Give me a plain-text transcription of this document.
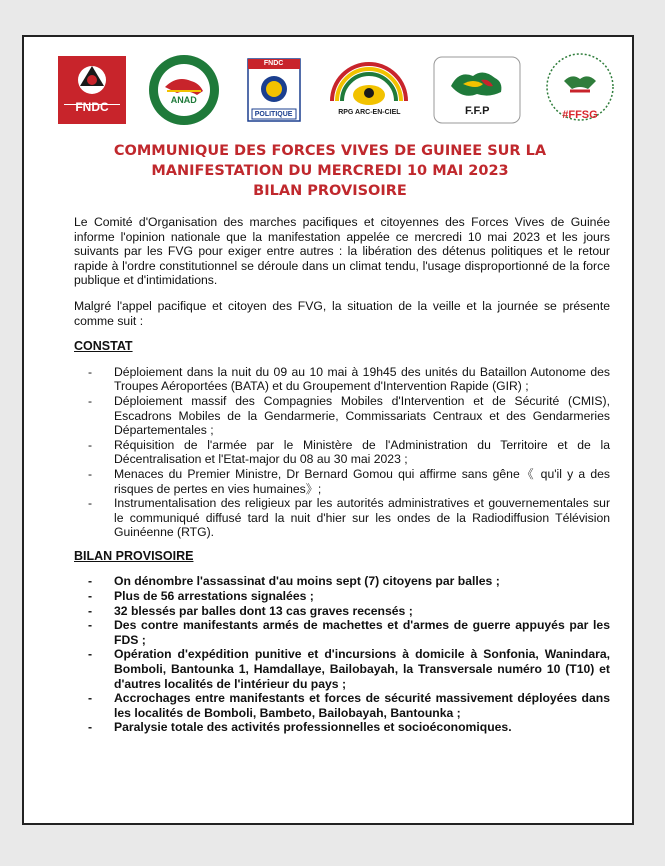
FNDC	ANAD
FNDC
POLITIQUE	RPG ARC-EN-CIEL	F.F.P	#FFSG
COMMUNIQUE DES FORCES VIVES DE GUINEE SUR LA
MANIFESTATION DU MERCREDI 10 MAI 2023
BILAN PROVISOIRE

Le Comité d'Organisation des marches pacifiques et citoyennes des Forces Vives de Guinée informe l'opinion nationale que la manifestation appelée ce mercredi 10 mai 2023 et les jours suivants par les FVG pour exiger entre autres : la libération des détenus politiques et le retour rapide à l'ordre constitutionnel se déroule dans un climat tendu, l'usage disproportionné de la force publique et d'intimidations.

Malgré l'appel pacifique et citoyen des FVG, la situation de la veille et la journée se présente comme suit :

CONSTAT
- Déploiement dans la nuit du 09 au 10 mai à 19h45 des unités du Bataillon Autonome des Troupes Aéroportées (BATA) et du Groupement d'Intervention Rapide (GIR) ;
- Déploiement massif des Compagnies Mobiles d'Intervention et de Sécurité (CMIS), Escadrons Mobiles de la Gendarmerie, Commissariats Centraux et des Gendarmeries Départementales ;
- Réquisition de l'armée par le Ministère de l'Administration du Territoire et de la Décentralisation et l'Etat-major du 08 au 30 mai 2023 ;
- Menaces du Premier Ministre, Dr Bernard Gomou qui affirme sans gêne《 qu'il y a des risques de pertes en vies humaines》;
- Instrumentalisation des religieux par les autorités administratives et gouvernementales sur le communiqué diffusé tard la nuit d'hier sur les ondes de la Radiodiffusion Télévision Guinéenne (RTG).
BILAN PROVISOIRE
- On dénombre l'assassinat d'au moins sept (7) citoyens par balles ;
- Plus de 56 arrestations signalées ;
- 32 blessés par balles dont 13 cas graves recensés ;
- Des contre manifestants armés de machettes et d'armes de guerre appuyés par les FDS ;
- Opération d'expédition punitive et d'incursions à domicile à Sonfonia, Wanindara, Bomboli, Bantounka 1, Hamdallaye, Bailobayah, la Transversale numéro 10 (T10) et d'autres localités de l'intérieur du pays ;
- Accrochages entre manifestants et forces de sécurité massivement déployées dans les localités de Bomboli, Bambeto, Bailobayah, Bantounka ;
- Paralysie totale des activités professionnelles et socioéconomiques.
